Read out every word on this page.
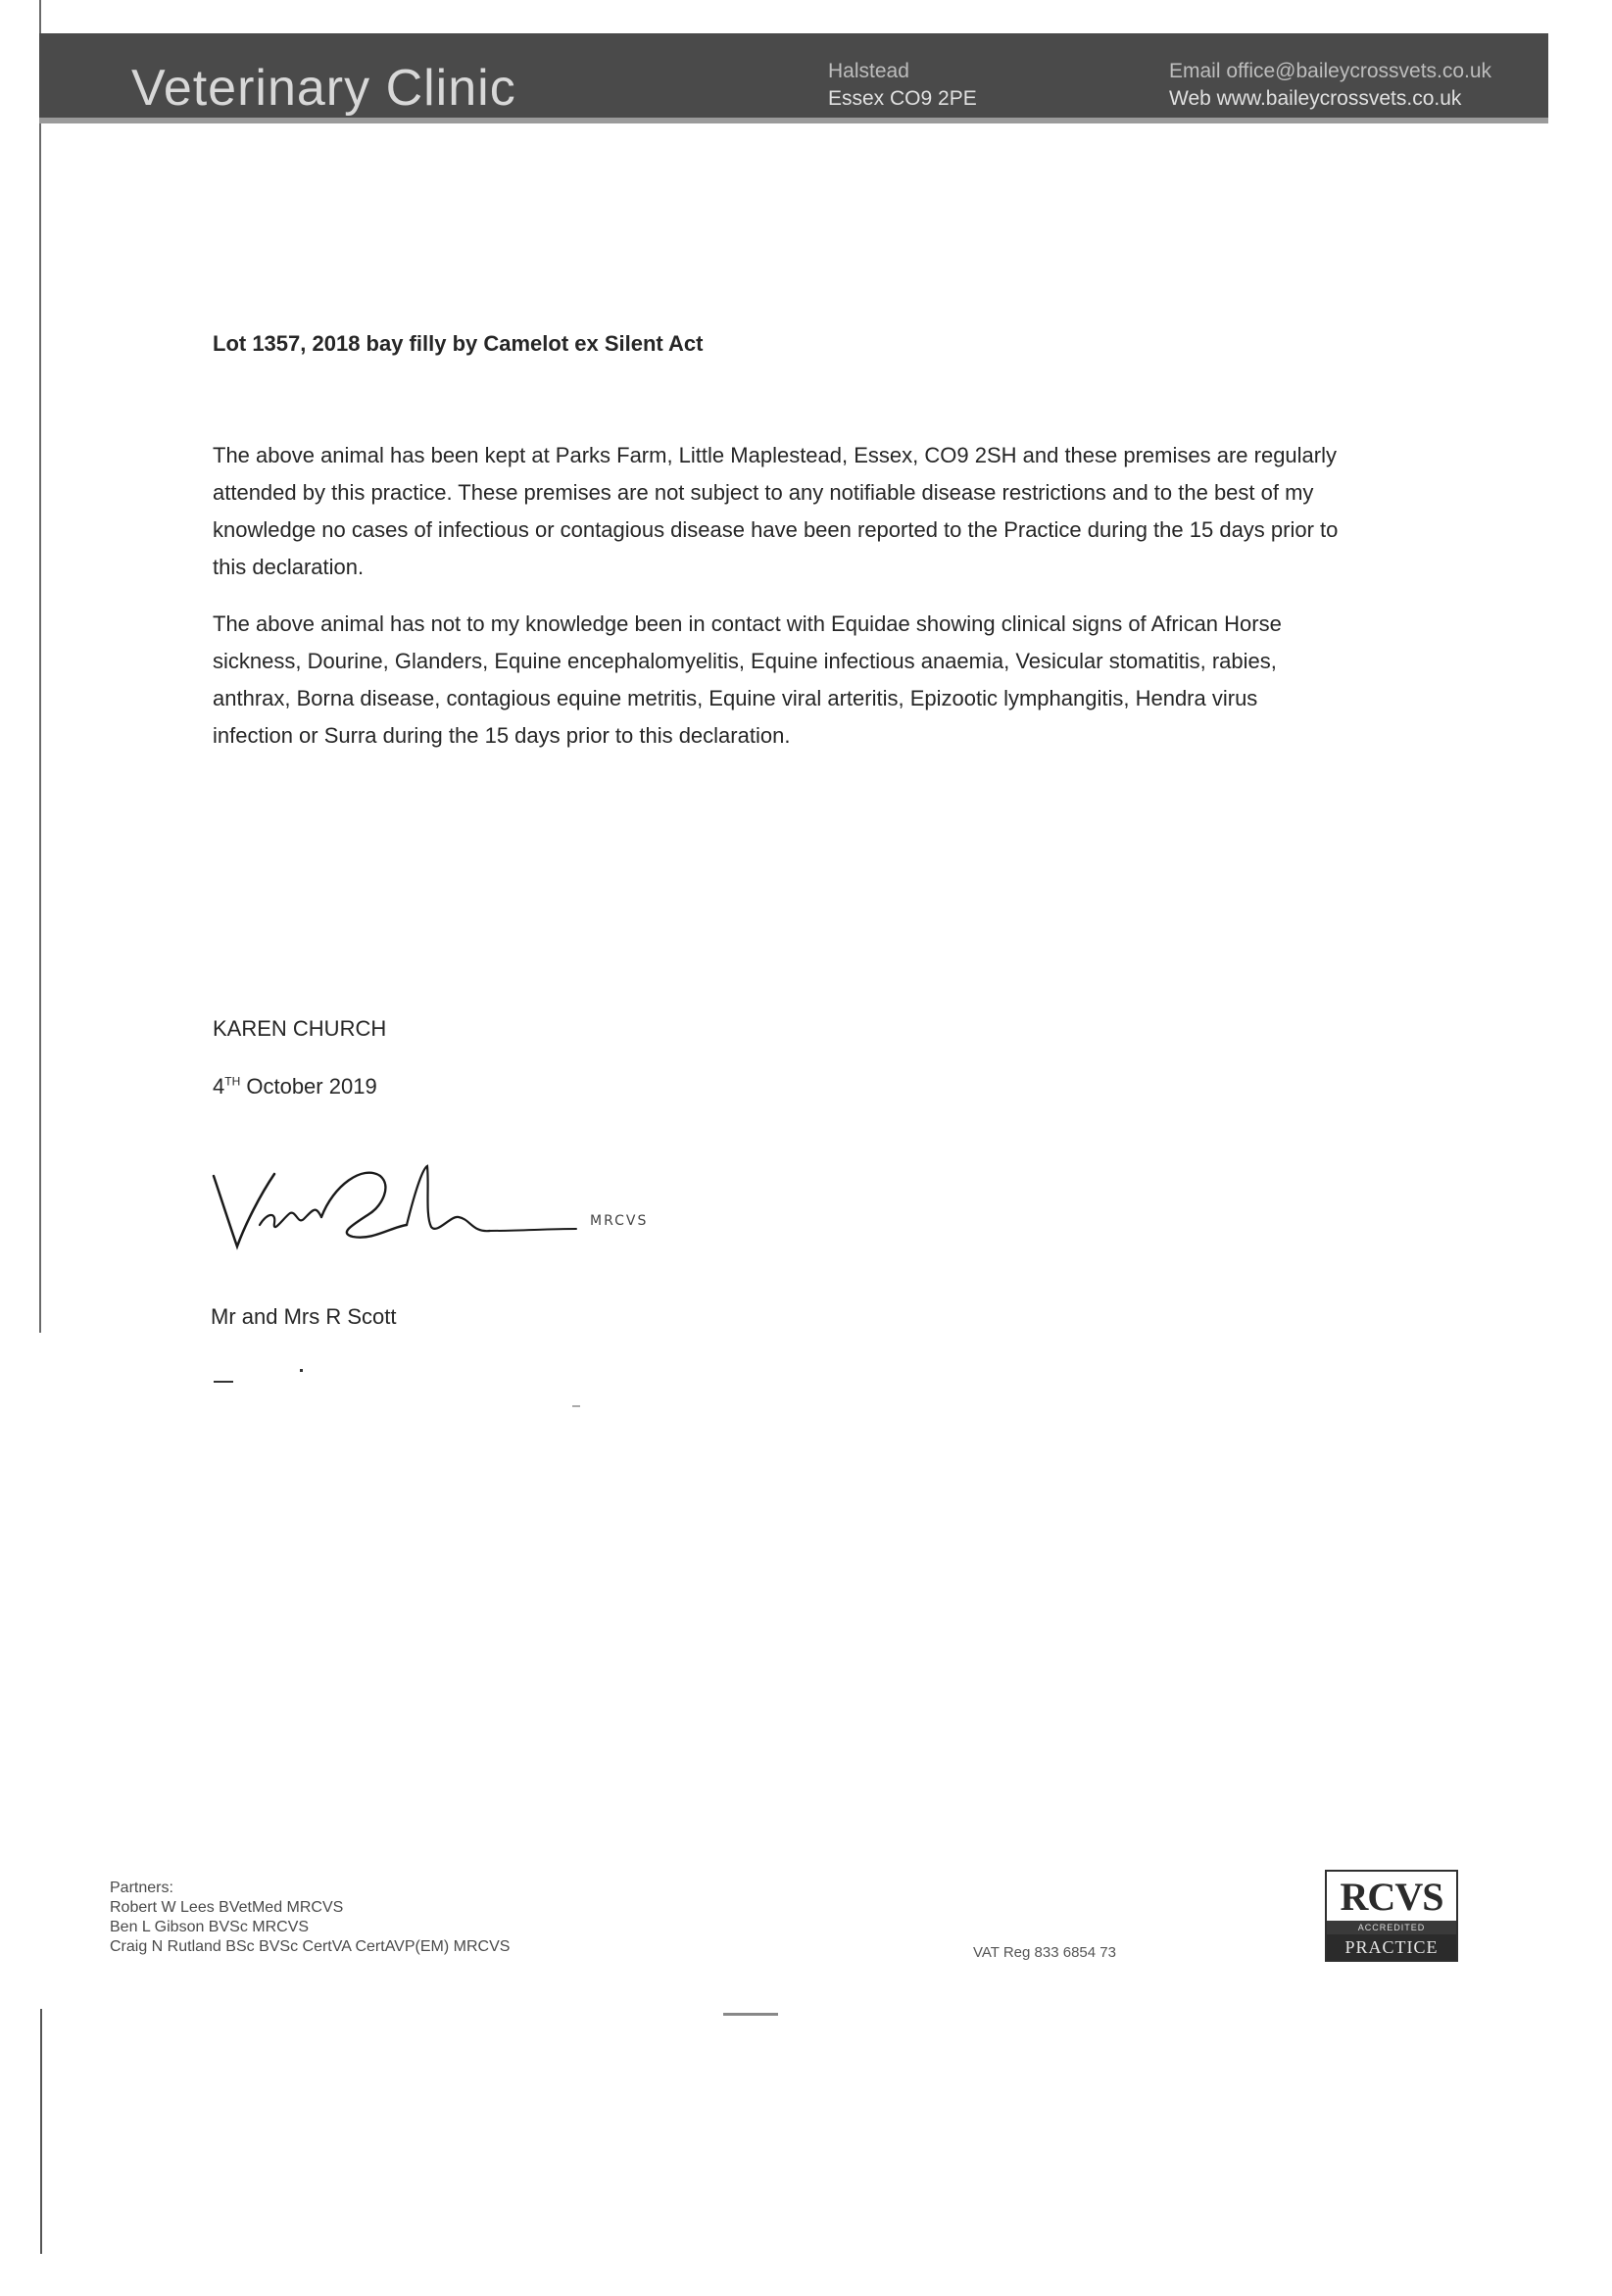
Veterinary Clinic	Halstead
Essex CO9 2PE
Email office@baileycrossvets.co.uk
Web www.baileycrossvets.co.uk

Lot 1357, 2018 bay filly by Camelot ex Silent Act

The above animal has been kept at Parks Farm, Little Maplestead, Essex, CO9 2SH and these premises are regularly attended by this practice. These premises are not subject to any notifiable disease restrictions and to the best of my knowledge no cases of infectious or contagious disease have been reported to the Practice during the 15 days prior to this declaration.

The above animal has not to my knowledge been in contact with Equidae showing clinical signs of African Horse sickness, Dourine, Glanders, Equine encephalomyelitis, Equine infectious anaemia, Vesicular stomatitis, rabies, anthrax, Borna disease, contagious equine metritis, Equine viral arteritis, Epizootic lymphangitis, Hendra virus infection or Surra during the 15 days prior to this declaration.

KAREN CHURCH
4TH October 2019
MRCVS
Mr and Mrs R Scott
Partners:
Robert W Lees BVetMed MRCVS
Ben L Gibson BVSc MRCVS
Craig N Rutland BSc BVSc CertVA CertAVP(EM) MRCVS	VAT Reg 833 6854 73
RCVS
ACCREDITED
PRACTICE
